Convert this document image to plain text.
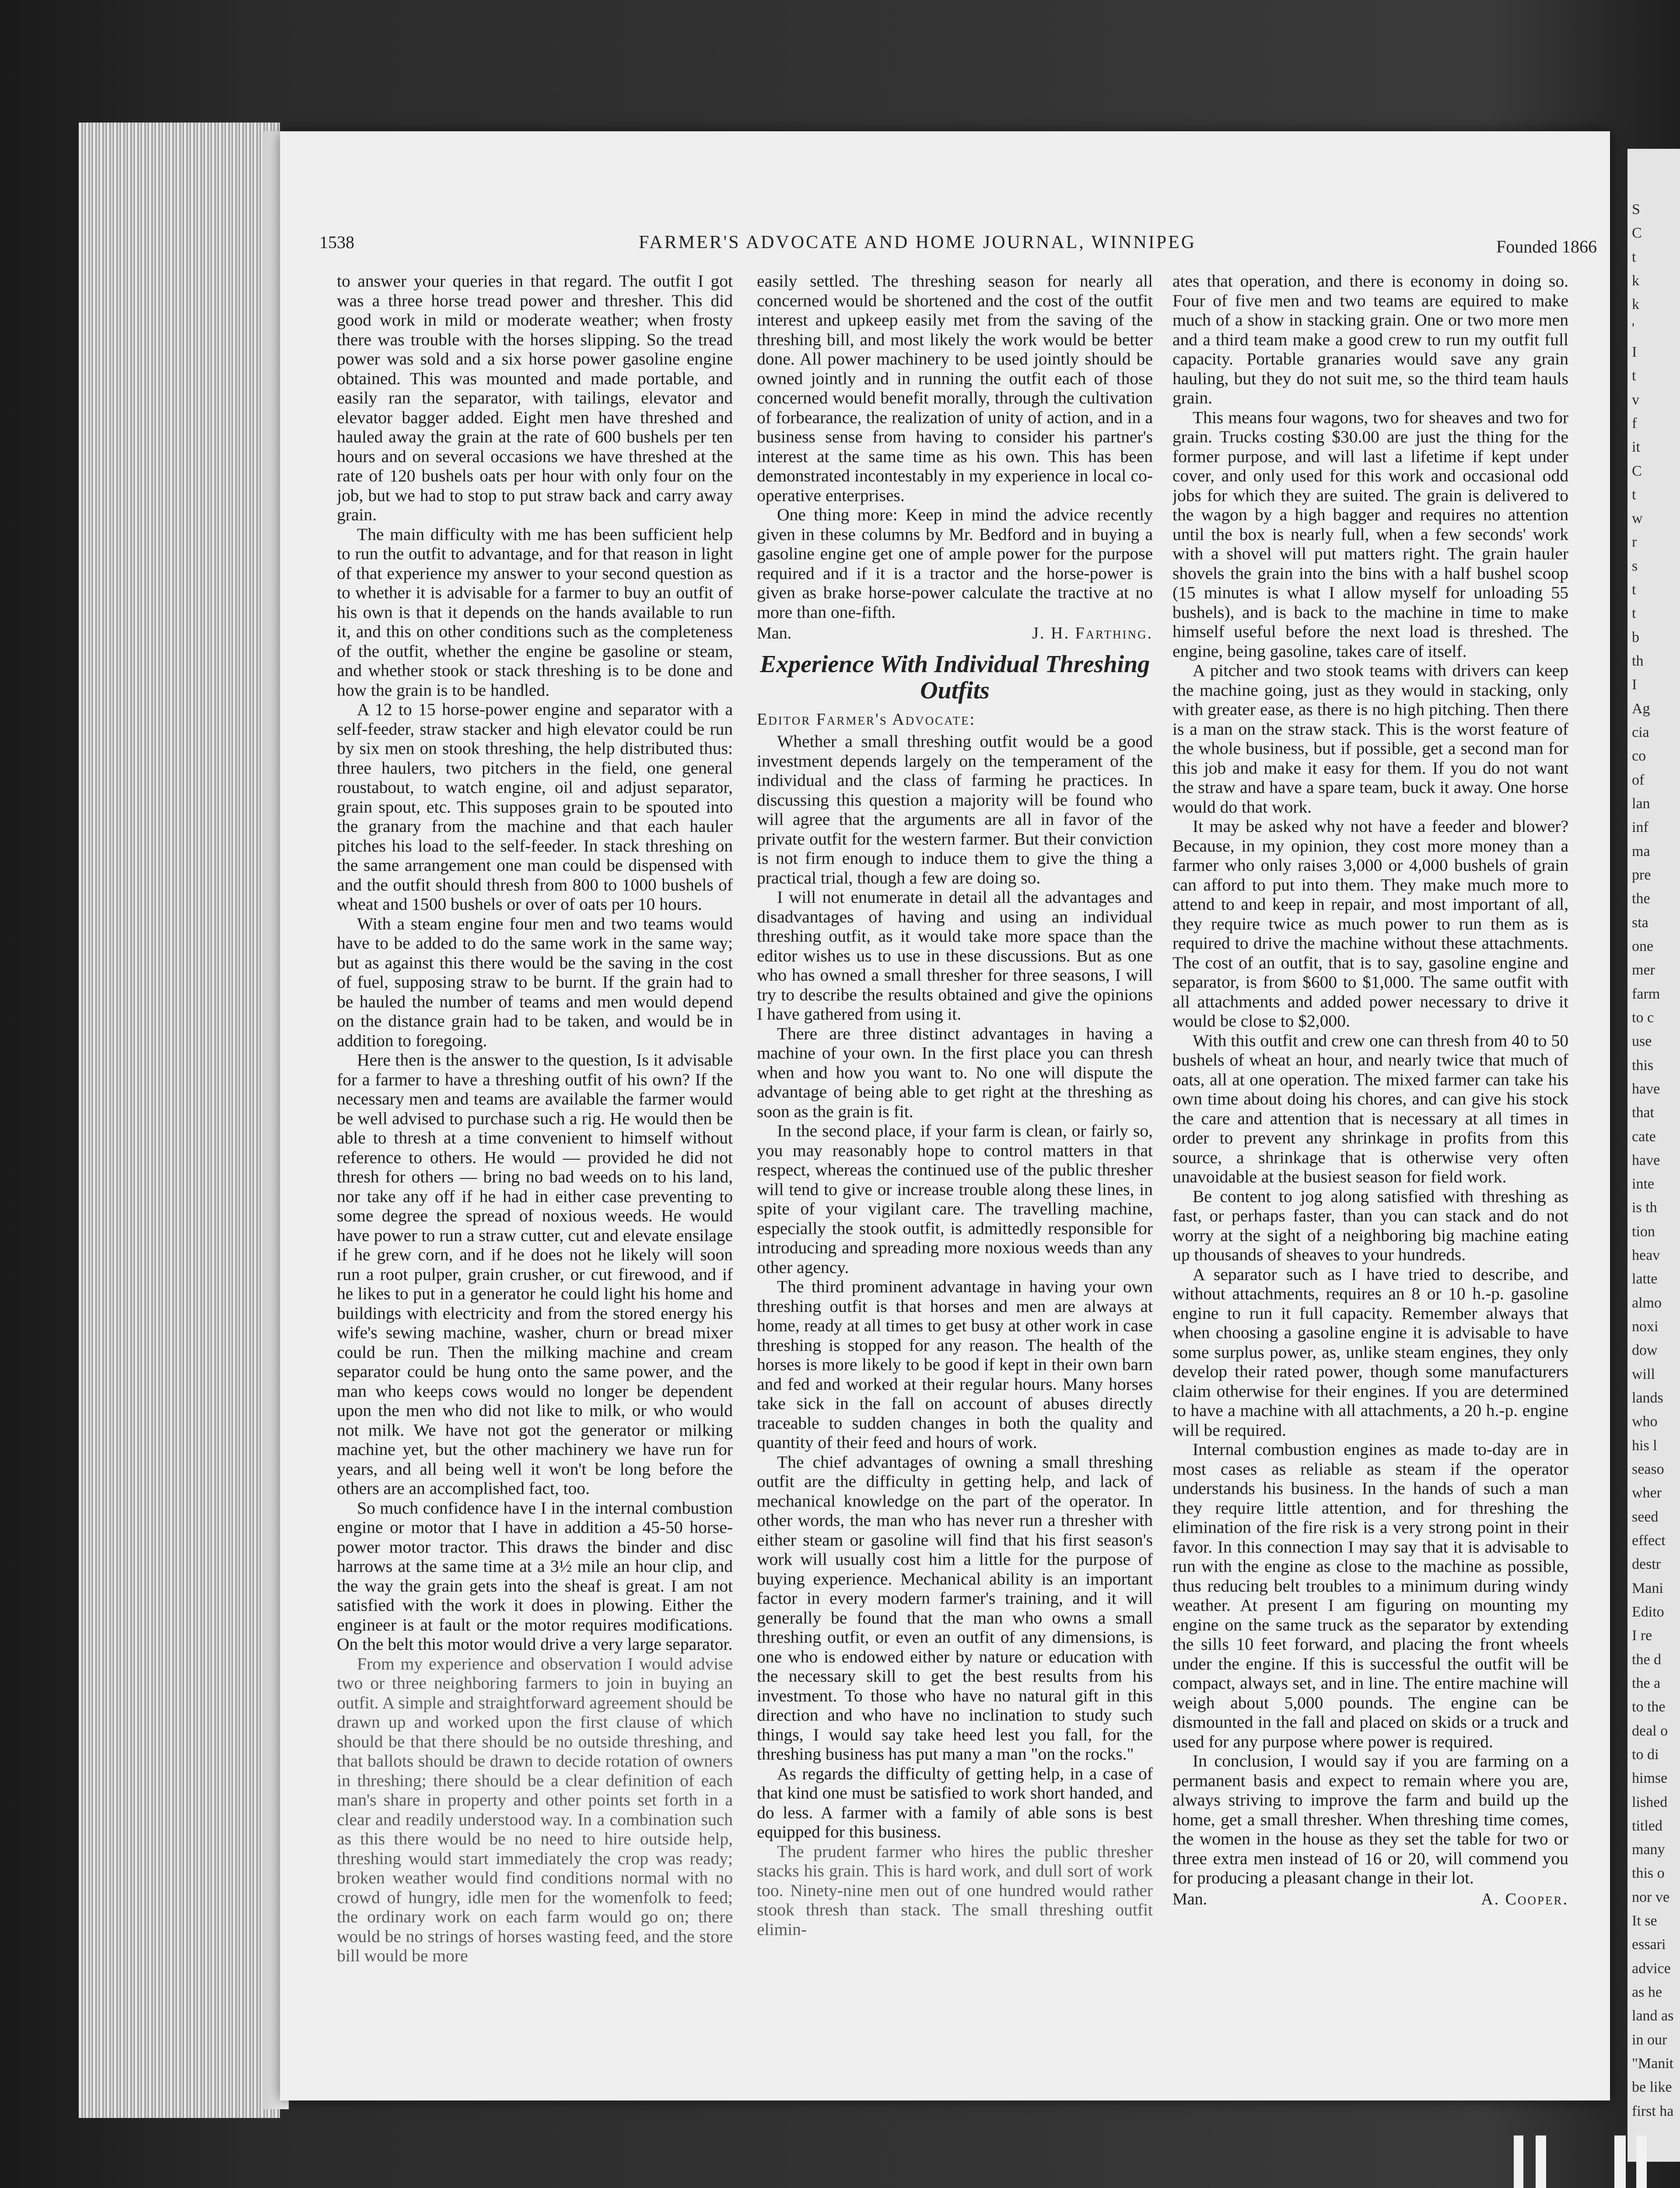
1538	FARMER'S ADVOCATE AND HOME JOURNAL, WINNIPEG	Founded 1866

to answer your queries in that regard. The outfit I got was a three horse tread power and thresher. This did good work in mild or moderate weather; when frosty there was trouble with the horses slipping. So the tread power was sold and a six horse power gasoline engine obtained. This was mounted and made portable, and easily ran the separator, with tailings, elevator and elevator bagger added. Eight men have threshed and hauled away the grain at the rate of 600 bushels per ten hours and on several occasions we have threshed at the rate of 120 bushels oats per hour with only four on the job, but we had to stop to put straw back and carry away grain.

The main difficulty with me has been sufficient help to run the outfit to advantage, and for that reason in light of that experience my answer to your second question as to whether it is advisable for a farmer to buy an outfit of his own is that it depends on the hands available to run it, and this on other conditions such as the completeness of the outfit, whether the engine be gasoline or steam, and whether stook or stack threshing is to be done and how the grain is to be handled.

A 12 to 15 horse-power engine and separator with a self-feeder, straw stacker and high elevator could be run by six men on stook threshing, the help distributed thus: three haulers, two pitchers in the field, one general roustabout, to watch engine, oil and adjust separator, grain spout, etc. This supposes grain to be spouted into the granary from the machine and that each hauler pitches his load to the self-feeder. In stack threshing on the same arrangement one man could be dispensed with and the outfit should thresh from 800 to 1000 bushels of wheat and 1500 bushels or over of oats per 10 hours.

With a steam engine four men and two teams would have to be added to do the same work in the same way; but as against this there would be the saving in the cost of fuel, supposing straw to be burnt. If the grain had to be hauled the number of teams and men would depend on the distance grain had to be taken, and would be in addition to foregoing.

Here then is the answer to the question, Is it advisable for a farmer to have a threshing outfit of his own? If the necessary men and teams are available the farmer would be well advised to purchase such a rig. He would then be able to thresh at a time convenient to himself without reference to others. He would — provided he did not thresh for others — bring no bad weeds on to his land, nor take any off if he had in either case preventing to some degree the spread of noxious weeds. He would have power to run a straw cutter, cut and elevate ensilage if he grew corn, and if he does not he likely will soon run a root pulper, grain crusher, or cut firewood, and if he likes to put in a generator he could light his home and buildings with electricity and from the stored energy his wife's sewing machine, washer, churn or bread mixer could be run. Then the milking machine and cream separator could be hung onto the same power, and the man who keeps cows would no longer be dependent upon the men who did not like to milk, or who would not milk. We have not got the generator or milking machine yet, but the other machinery we have run for years, and all being well it won't be long before the others are an accomplished fact, too.

So much confidence have I in the internal combustion engine or motor that I have in addition a 45-50 horse-power motor tractor. This draws the binder and disc harrows at the same time at a 3½ mile an hour clip, and the way the grain gets into the sheaf is great. I am not satisfied with the work it does in plowing. Either the engineer is at fault or the motor requires modifications. On the belt this motor would drive a very large separator.

From my experience and observation I would advise two or three neighboring farmers to join in buying an outfit. A simple and straightforward agreement should be drawn up and worked upon the first clause of which should be that there should be no outside threshing, and that ballots should be drawn to decide rotation of owners in threshing; there should be a clear definition of each man's share in property and other points set forth in a clear and readily understood way. In a combination such as this there would be no need to hire outside help, threshing would start immediately the crop was ready; broken weather would find conditions normal with no crowd of hungry, idle men for the womenfolk to feed; the ordinary work on each farm would go on; there would be no strings of horses wasting feed, and the store bill would be more

easily settled. The threshing season for nearly all concerned would be shortened and the cost of the outfit interest and upkeep easily met from the saving of the threshing bill, and most likely the work would be better done. All power machinery to be used jointly should be owned jointly and in running the outfit each of those concerned would benefit morally, through the cultivation of forbearance, the realization of unity of action, and in a business sense from having to consider his partner's interest at the same time as his own. This has been demonstrated incontestably in my experience in local co-operative enterprises.

One thing more: Keep in mind the advice recently given in these columns by Mr. Bedford and in buying a gasoline engine get one of ample power for the purpose required and if it is a tractor and the horse-power is given as brake horse-power calculate the tractive at no more than one-fifth.

Man.	J. H. Farthing.
Experience With Individual Threshing Outfits

Editor Farmer's Advocate:

Whether a small threshing outfit would be a good investment depends largely on the temperament of the individual and the class of farming he practices. In discussing this question a majority will be found who will agree that the arguments are all in favor of the private outfit for the western farmer. But their conviction is not firm enough to induce them to give the thing a practical trial, though a few are doing so.

I will not enumerate in detail all the advantages and disadvantages of having and using an individual threshing outfit, as it would take more space than the editor wishes us to use in these discussions. But as one who has owned a small thresher for three seasons, I will try to describe the results obtained and give the opinions I have gathered from using it.

There are three distinct advantages in having a machine of your own. In the first place you can thresh when and how you want to. No one will dispute the advantage of being able to get right at the threshing as soon as the grain is fit.

In the second place, if your farm is clean, or fairly so, you may reasonably hope to control matters in that respect, whereas the continued use of the public thresher will tend to give or increase trouble along these lines, in spite of your vigilant care. The travelling machine, especially the stook outfit, is admittedly responsible for introducing and spreading more noxious weeds than any other agency.

The third prominent advantage in having your own threshing outfit is that horses and men are always at home, ready at all times to get busy at other work in case threshing is stopped for any reason. The health of the horses is more likely to be good if kept in their own barn and fed and worked at their regular hours. Many horses take sick in the fall on account of abuses directly traceable to sudden changes in both the quality and quantity of their feed and hours of work.

The chief advantages of owning a small threshing outfit are the difficulty in getting help, and lack of mechanical knowledge on the part of the operator. In other words, the man who has never run a thresher with either steam or gasoline will find that his first season's work will usually cost him a little for the purpose of buying experience. Mechanical ability is an important factor in every modern farmer's training, and it will generally be found that the man who owns a small threshing outfit, or even an outfit of any dimensions, is one who is endowed either by nature or education with the necessary skill to get the best results from his investment. To those who have no natural gift in this direction and who have no inclination to study such things, I would say take heed lest you fall, for the threshing business has put many a man "on the rocks."

As regards the difficulty of getting help, in a case of that kind one must be satisfied to work short handed, and do less. A farmer with a family of able sons is best equipped for this business.

The prudent farmer who hires the public thresher stacks his grain. This is hard work, and dull sort of work too. Ninety-nine men out of one hundred would rather stook thresh than stack. The small threshing outfit elimin-

ates that operation, and there is economy in doing so. Four of five men and two teams are equired to make much of a show in stacking grain. One or two more men and a third team make a good crew to run my outfit full capacity. Portable granaries would save any grain hauling, but they do not suit me, so the third team hauls grain.

This means four wagons, two for sheaves and two for grain. Trucks costing $30.00 are just the thing for the former purpose, and will last a lifetime if kept under cover, and only used for this work and occasional odd jobs for which they are suited. The grain is delivered to the wagon by a high bagger and requires no attention until the box is nearly full, when a few seconds' work with a shovel will put matters right. The grain hauler shovels the grain into the bins with a half bushel scoop (15 minutes is what I allow myself for unloading 55 bushels), and is back to the machine in time to make himself useful before the next load is threshed. The engine, being gasoline, takes care of itself.

A pitcher and two stook teams with drivers can keep the machine going, just as they would in stacking, only with greater ease, as there is no high pitching. Then there is a man on the straw stack. This is the worst feature of the whole business, but if possible, get a second man for this job and make it easy for them. If you do not want the straw and have a spare team, buck it away. One horse would do that work.

It may be asked why not have a feeder and blower? Because, in my opinion, they cost more money than a farmer who only raises 3,000 or 4,000 bushels of grain can afford to put into them. They make much more to attend to and keep in repair, and most important of all, they require twice as much power to run them as is required to drive the machine without these attachments. The cost of an outfit, that is to say, gasoline engine and separator, is from $600 to $1,000. The same outfit with all attachments and added power necessary to drive it would be close to $2,000.

With this outfit and crew one can thresh from 40 to 50 bushels of wheat an hour, and nearly twice that much of oats, all at one operation. The mixed farmer can take his own time about doing his chores, and can give his stock the care and attention that is necessary at all times in order to prevent any shrinkage in profits from this source, a shrinkage that is otherwise very often unavoidable at the busiest season for field work.

Be content to jog along satisfied with threshing as fast, or perhaps faster, than you can stack and do not worry at the sight of a neighboring big machine eating up thousands of sheaves to your hundreds.

A separator such as I have tried to describe, and without attachments, requires an 8 or 10 h.-p. gasoline engine to run it full capacity. Remember always that when choosing a gasoline engine it is advisable to have some surplus power, as, unlike steam engines, they only develop their rated power, though some manufacturers claim otherwise for their engines. If you are determined to have a machine with all attachments, a 20 h.-p. engine will be required.

Internal combustion engines as made to-day are in most cases as reliable as steam if the operator understands his business. In the hands of such a man they require little attention, and for threshing the elimination of the fire risk is a very strong point in their favor. In this connection I may say that it is advisable to run with the engine as close to the machine as possible, thus reducing belt troubles to a minimum during windy weather. At present I am figuring on mounting my engine on the same truck as the separator by extending the sills 10 feet forward, and placing the front wheels under the engine. If this is successful the outfit will be compact, always set, and in line. The entire machine will weigh about 5,000 pounds. The engine can be dismounted in the fall and placed on skids or a truck and used for any purpose where power is required.

In conclusion, I would say if you are farming on a permanent basis and expect to remain where you are, always striving to improve the farm and build up the home, get a small thresher. When threshing time comes, the women in the house as they set the table for two or three extra men instead of 16 or 20, will commend you for producing a pleasant change in their lot.

Man.	A. Cooper.
S
C
t
k
k
'
I
t
v
f
it
C
t
w
r
s
t
t
b
th
I
Ag
cia
co
of
lan
inf
ma
pre
the
sta
one
mer
farm
to c
use
this
have
that
cate
have
inte
is th
tion
heav
latte
almo
noxi
dow
will
lands
who
his l
seaso
wher
seed
effect
destr
Mani
Edito
I re
the d
the a
to the
deal o
to di
himse
lished
titled
many
this o
nor ve
It se
essari
advice
as he
land as
in our
"Manit
be like
first ha
